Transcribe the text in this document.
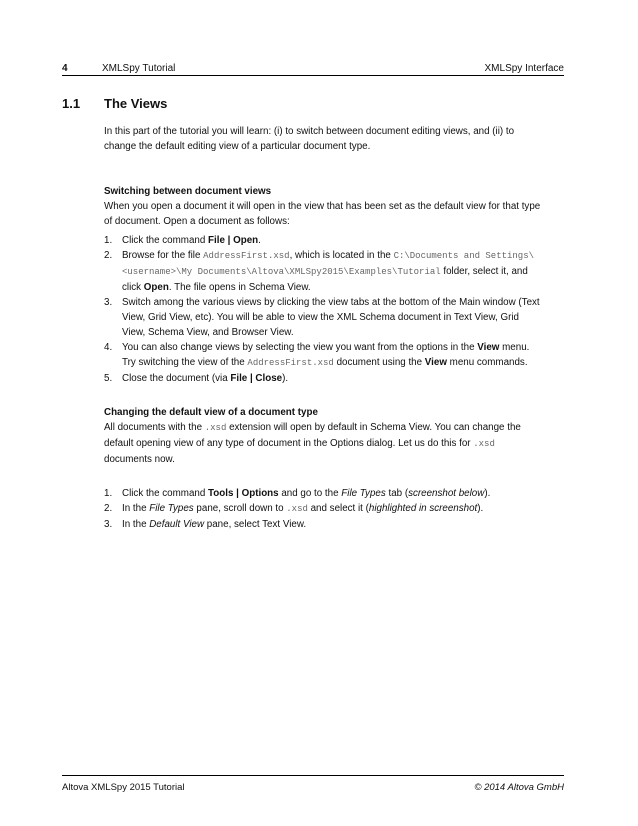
4	XMLSpy Tutorial	XMLSpy Interface
1.1	The Views

In this part of the tutorial you will learn: (i) to switch between document editing views, and (ii) to change the default editing view of a particular document type.

Switching between document views

When you open a document it will open in the view that has been set as the default view for that type of document. Open a document as follows:

1. Click the command File | Open.
2. Browse for the file AddressFirst.xsd, which is located in the C:\Documents and Settings\<username>\My Documents\Altova\XMLSpy2015\Examples\Tutorial folder, select it, and click Open. The file opens in Schema View.
3. Switch among the various views by clicking the view tabs at the bottom of the Main window (Text View, Grid View, etc). You will be able to view the XML Schema document in Text View, Grid View, Schema View, and Browser View.
4. You can also change views by selecting the view you want from the options in the View menu. Try switching the view of the AddressFirst.xsd document using the View menu commands.
5. Close the document (via File | Close).

Changing the default view of a document type

All documents with the .xsd extension will open by default in Schema View. You can change the default opening view of any type of document in the Options dialog. Let us do this for .xsd documents now.

1. Click the command Tools | Options and go to the File Types tab (screenshot below).
2. In the File Types pane, scroll down to .xsd and select it (highlighted in screenshot).
3. In the Default View pane, select Text View.
Altova XMLSpy 2015 Tutorial	© 2014 Altova GmbH
